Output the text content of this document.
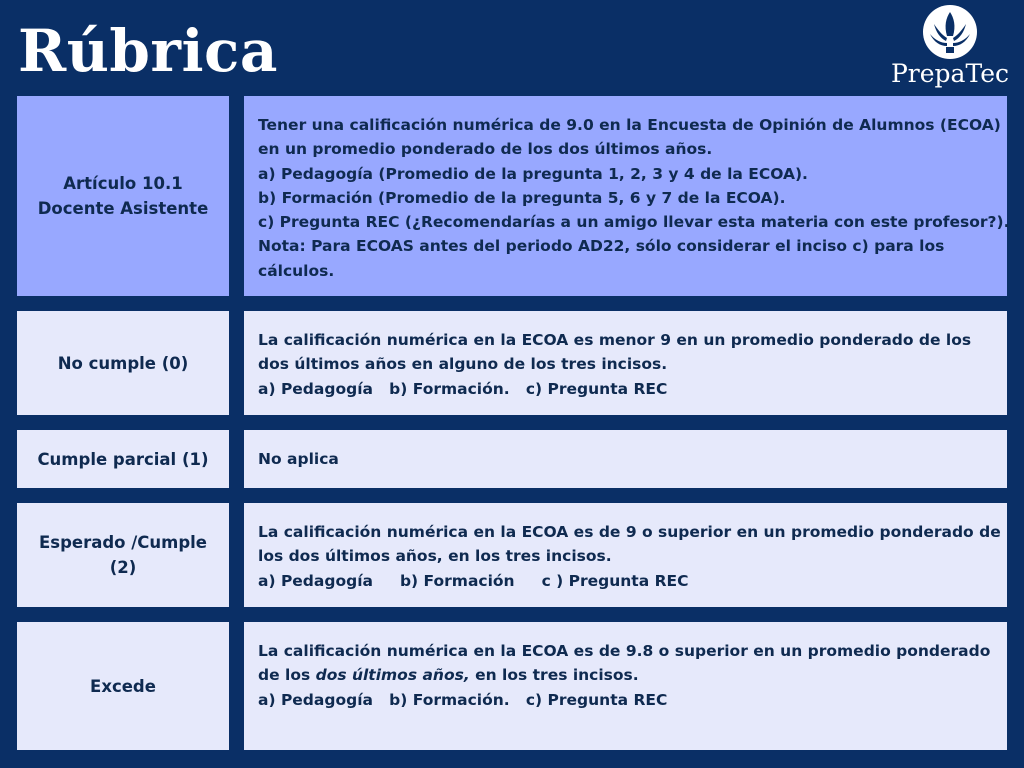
Rúbrica	PrepaTec
Artículo 10.1
Docente Asistente
Tener una calificación numérica de 9.0 en la Encuesta de Opinión de Alumnos (ECOA)
en un promedio ponderado de los dos últimos años.
a) Pedagogía (Promedio de la pregunta 1, 2, 3 y 4 de la ECOA).
b) Formación (Promedio de la pregunta 5, 6 y 7 de la ECOA).
c) Pregunta REC (¿Recomendarías a un amigo llevar esta materia con este profesor?).
Nota: Para ECOAS antes del periodo AD22, sólo considerar el inciso c) para los
cálculos.
No cumple (0)
La calificación numérica en la ECOA es menor 9 en un promedio ponderado de los
dos últimos años en alguno de los tres incisos.
a) Pedagogía   b) Formación.   c) Pregunta REC
Cumple parcial (1)	No aplica
Esperado /Cumple
(2)
La calificación numérica en la ECOA es de 9 o superior en un promedio ponderado de
los dos últimos años, en los tres incisos.
a) Pedagogía     b) Formación     c ) Pregunta REC
Excede
La calificación numérica en la ECOA es de 9.8 o superior en un promedio ponderado
de los dos últimos años, en los tres incisos.
a) Pedagogía   b) Formación.   c) Pregunta REC
